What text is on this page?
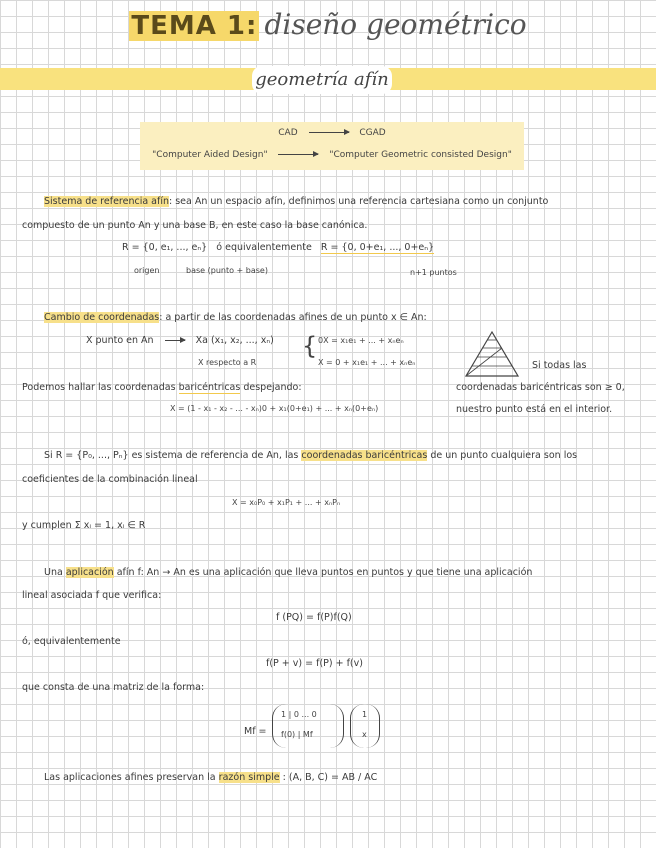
TEMA 1: diseño geométrico
geometría afín
CAD	CGAD
"Computer Aided Design"	"Computer Geometric consisted Design"
Sistema de referencia afín: sea An un espacio afín, definimos una referencia cartesiana como un conjunto
compuesto de un punto An y una base B, en este caso la base canónica.
R = {0, e₁, ..., eₙ} ó equivalentemente R = {0, 0+e₁, ..., 0+eₙ}
origen	base (punto + base)	n+1 puntos
Cambio de coordenadas: a partir de las coordenadas afines de un punto x ∈ An:
X punto en An	Xa (x₁, x₂, ..., xₙ)
X respecto a R
{ 0X = x₁e₁ + ... + xₙeₙ
X = 0 + x₁e₁ + ... + xₙeₙ	Si todas las
coordenadas baricéntricas son ≥ 0,
nuestro punto está en el interior.
Podemos hallar las coordenadas baricéntricas despejando:
X = (1 - x₁ - x₂ - ... - xₙ)0 + x₁(0+e₁) + ... + xₙ(0+eₙ)
Si R = {P₀, ..., Pₙ} es sistema de referencia de An, las coordenadas baricéntricas de un punto cualquiera son los
coeficientes de la combinación lineal
X = x₀P₀ + x₁P₁ + ... + xₙPₙ
y cumplen Σ xᵢ = 1, xᵢ ∈ R
Una aplicación afín f: An → An es una aplicación que lleva puntos en puntos y que tiene una aplicación
lineal asociada f que verifica:
f (PQ) = f(P)f(Q)
ó, equivalentemente
f(P + v) = f(P) + f(v)
que consta de una matriz de la forma:
Mf =
1 | 0 ... 0
f(0) | Mf
1
x
Las aplicaciones afines preservan la razón simple : (A, B, C) = AB / AC
